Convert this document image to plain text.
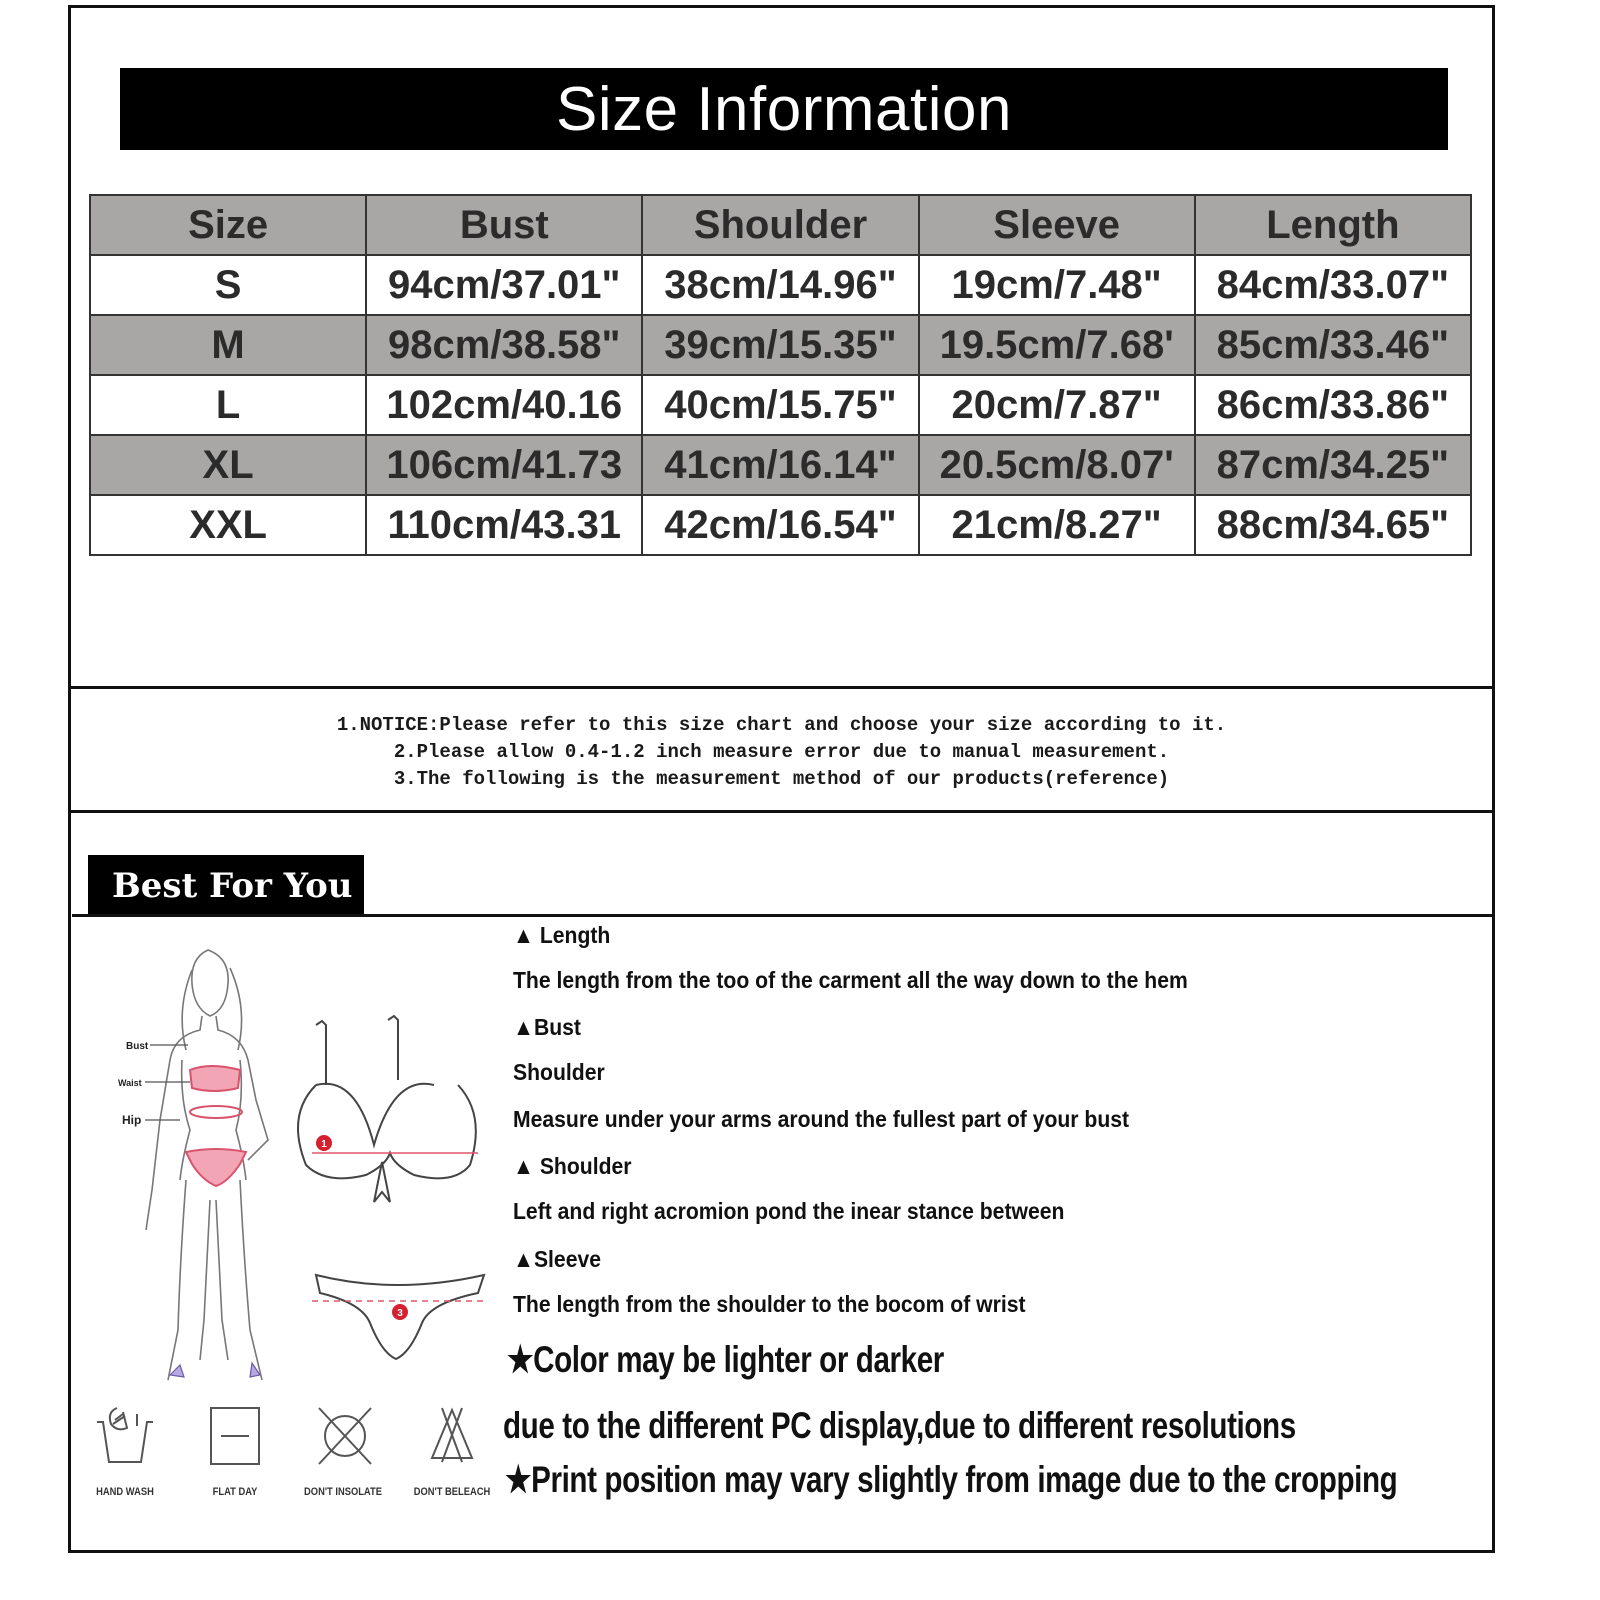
Size Information
Size	Bust	Shoulder	Sleeve	Length
S	94cm/37.01"	38cm/14.96"	19cm/7.48"	84cm/33.07"
M	98cm/38.58"	39cm/15.35"	19.5cm/7.68'	85cm/33.46"
L	102cm/40.16	40cm/15.75"	20cm/7.87"	86cm/33.86"
XL	106cm/41.73	41cm/16.14"	20.5cm/8.07'	87cm/34.25"
XXL	110cm/43.31	42cm/16.54"	21cm/8.27"	88cm/34.65"
1.NOTICE:Please refer to this size chart and choose your size according to it.
2.Please allow 0.4-1.2 inch measure error due to manual measurement.
3.The following is the measurement method of our products(reference)
Best For You
Bust
Waist
Hip
1
3
▲ Length
The length from the too of the carment all the way down to the hem
▲Bust
Shoulder
Measure under your arms around the fullest part of your bust
▲ Shoulder
Left and right acromion pond the inear stance between
▲Sleeve
The length from the shoulder to the bocom of wrist
★Color may be lighter or darker
due to the different PC display,due to different resolutions
★Print position may vary slightly from image due to the cropping
HAND WASH	FLAT DAY	DON'T INSOLATE	DON'T BELEACH
